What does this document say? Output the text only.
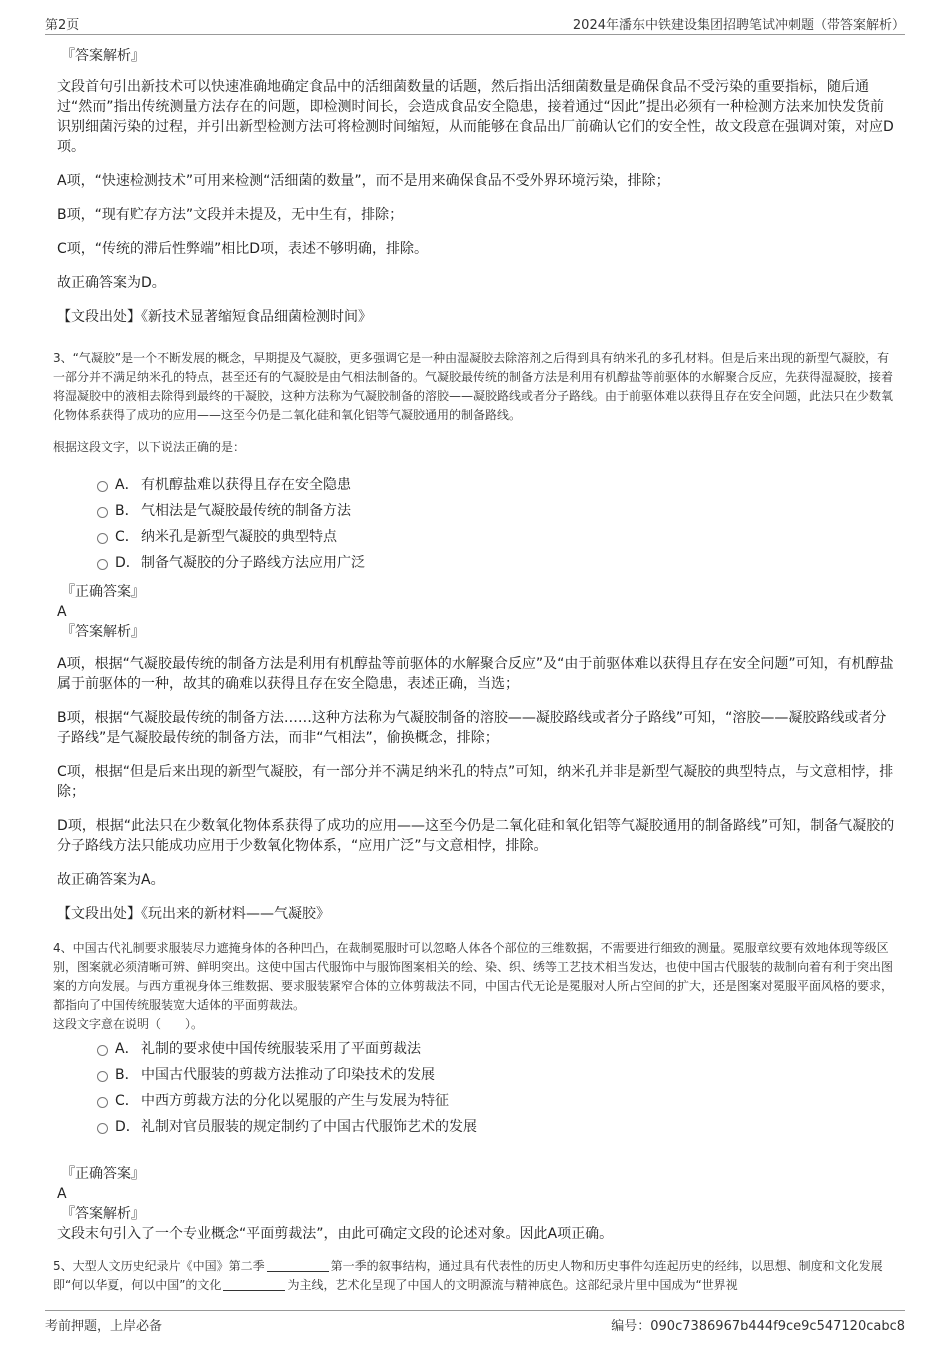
第2页	2024年潘东中铁建设集团招聘笔试冲刺题（带答案解析）

『答案解析』

文段首句引出新技术可以快速准确地确定食品中的活细菌数量的话题，然后指出活细菌数量是确保食品不受污染的重要指标，随后通过“然而”指出传统测量方法存在的问题，即检测时间长，会造成食品安全隐患，接着通过“因此”提出必须有一种检测方法来加快发货前识别细菌污染的过程，并引出新型检测方法可将检测时间缩短，从而能够在食品出厂前确认它们的安全性，故文段意在强调对策，对应D项。

A项，“快速检测技术”可用来检测“活细菌的数量”，而不是用来确保食品不受外界环境污染，排除；

B项，“现有贮存方法”文段并未提及，无中生有，排除；

C项，“传统的滞后性弊端”相比D项，表述不够明确，排除。

故正确答案为D。

【文段出处】《新技术显著缩短食品细菌检测时间》

3、“气凝胶”是一个不断发展的概念，早期提及气凝胶，更多强调它是一种由湿凝胶去除溶剂之后得到具有纳米孔的多孔材料。但是后来出现的新型气凝胶，有一部分并不满足纳米孔的特点，甚至还有的气凝胶是由气相法制备的。气凝胶最传统的制备方法是利用有机醇盐等前驱体的水解聚合反应，先获得湿凝胶，接着将湿凝胶中的液相去除得到最终的干凝胶，这种方法称为气凝胶制备的溶胶——凝胶路线或者分子路线。由于前驱体难以获得且存在安全问题，此法只在少数氧化物体系获得了成功的应用——这至今仍是二氧化硅和氧化铝等气凝胶通用的制备路线。

根据这段文字，以下说法正确的是：

A． 有机醇盐难以获得且存在安全隐患
B． 气相法是气凝胶最传统的制备方法
C． 纳米孔是新型气凝胶的典型特点
D．制备气凝胶的分子路线方法应用广泛

『正确答案』

A

『答案解析』

A项，根据“气凝胶最传统的制备方法是利用有机醇盐等前驱体的水解聚合反应”及“由于前驱体难以获得且存在安全问题”可知，有机醇盐属于前驱体的一种，故其的确难以获得且存在安全隐患，表述正确，当选；

B项，根据“气凝胶最传统的制备方法……这种方法称为气凝胶制备的溶胶——凝胶路线或者分子路线”可知，“溶胶——凝胶路线或者分子路线”是气凝胶最传统的制备方法，而非“气相法”，偷换概念，排除；

C项，根据“但是后来出现的新型气凝胶，有一部分并不满足纳米孔的特点”可知，纳米孔并非是新型气凝胶的典型特点，与文意相悖，排除；

D项，根据“此法只在少数氧化物体系获得了成功的应用——这至今仍是二氧化硅和氧化铝等气凝胶通用的制备路线”可知，制备气凝胶的分子路线方法只能成功应用于少数氧化物体系，“应用广泛”与文意相悖，排除。

故正确答案为A。

【文段出处】《玩出来的新材料——气凝胶》

4、中国古代礼制要求服装尽力遮掩身体的各种凹凸，在裁制冕服时可以忽略人体各个部位的三维数据，不需要进行细致的测量。冕服章纹要有效地体现等级区别，图案就必须清晰可辨、鲜明突出。这使中国古代服饰中与服饰图案相关的绘、染、织、绣等工艺技术相当发达，也使中国古代服装的裁制向着有利于突出图案的方向发展。与西方重视身体三维数据、要求服装紧窄合体的立体剪裁法不同，中国古代无论是冕服对人所占空间的扩大，还是图案对冕服平面风格的要求，都指向了中国传统服装宽大适体的平面剪裁法。

这段文字意在说明（　　）。

A． 礼制的要求使中国传统服装采用了平面剪裁法
B． 中国古代服装的剪裁方法推动了印染技术的发展
C． 中西方剪裁方法的分化以冕服的产生与发展为特征
D．礼制对官员服装的规定制约了中国古代服饰艺术的发展

『正确答案』

A

『答案解析』

文段末句引入了一个专业概念“平面剪裁法”，由此可确定文段的论述对象。因此A项正确。

5、大型人文历史纪录片《中国》第二季	第一季的叙事结构，通过具有代表性的历史人物和历史事件勾连起历史的经纬，以思想、制度和文化发展即“何以华夏，何以中国”的文化	为主线，艺术化呈现了中国人的文明源流与精神底色。这部纪录片里中国成为“世界视

考前押题，上岸必备	编号：090c7386967b444f9ce9c547120cabc8
